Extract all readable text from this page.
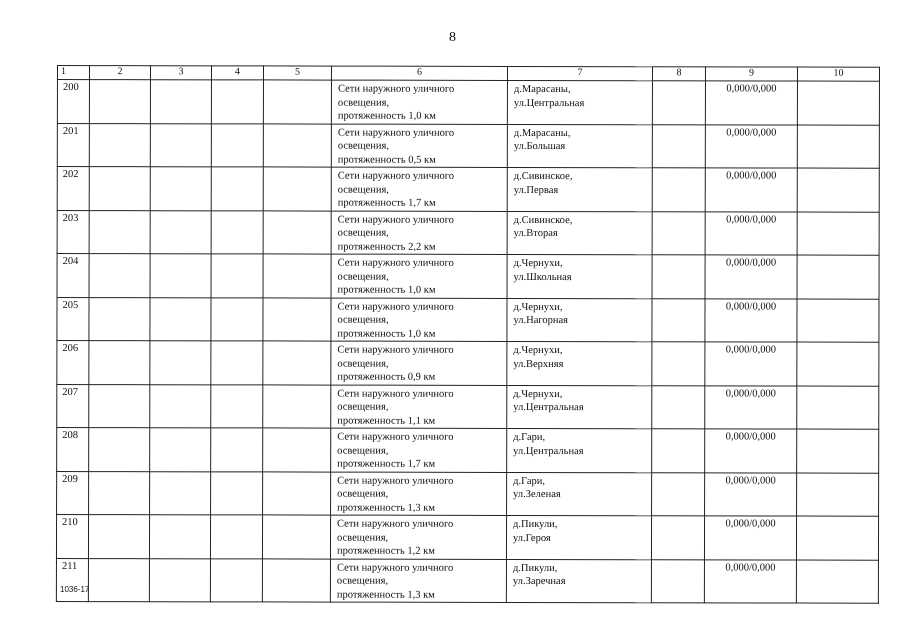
8
1	2	3	4	5	6	7	8	9	10
200					Сети наружного уличного
освещения,
протяженность 1,0 км	д.Марасаны,
ул.Центральная		0,000/0,000	
201					Сети наружного уличного
освещения,
протяженность 0,5 км	д.Марасаны,
ул.Большая		0,000/0,000	
202					Сети наружного уличного
освещения,
протяженность 1,7 км	д.Сивинское,
ул.Первая		0,000/0,000	
203					Сети наружного уличного
освещения,
протяженность 2,2 км	д.Сивинское,
ул.Вторая		0,000/0,000	
204					Сети наружного уличного
освещения,
протяженность 1,0 км	д.Чернухи,
ул.Школьная		0,000/0,000	
205					Сети наружного уличного
освещения,
протяженность 1,0 км	д.Чернухи,
ул.Нагорная		0,000/0,000	
206					Сети наружного уличного
освещения,
протяженность 0,9 км	д.Чернухи,
ул.Верхняя		0,000/0,000	
207					Сети наружного уличного
освещения,
протяженность 1,1 км	д.Чернухи,
ул.Центральная		0,000/0,000	
208					Сети наружного уличного
освещения,
протяженность 1,7 км	д.Гари,
ул.Центральная		0,000/0,000	
209					Сети наружного уличного
освещения,
протяженность 1,3 км	д.Гари,
ул.Зеленая		0,000/0,000	
210					Сети наружного уличного
освещения,
протяженность 1,2 км	д.Пикули,
ул.Героя		0,000/0,000	
211					Сети наружного уличного
освещения,
протяженность 1,3 км	д.Пикули,
ул.Заречная		0,000/0,000	
1036-17
